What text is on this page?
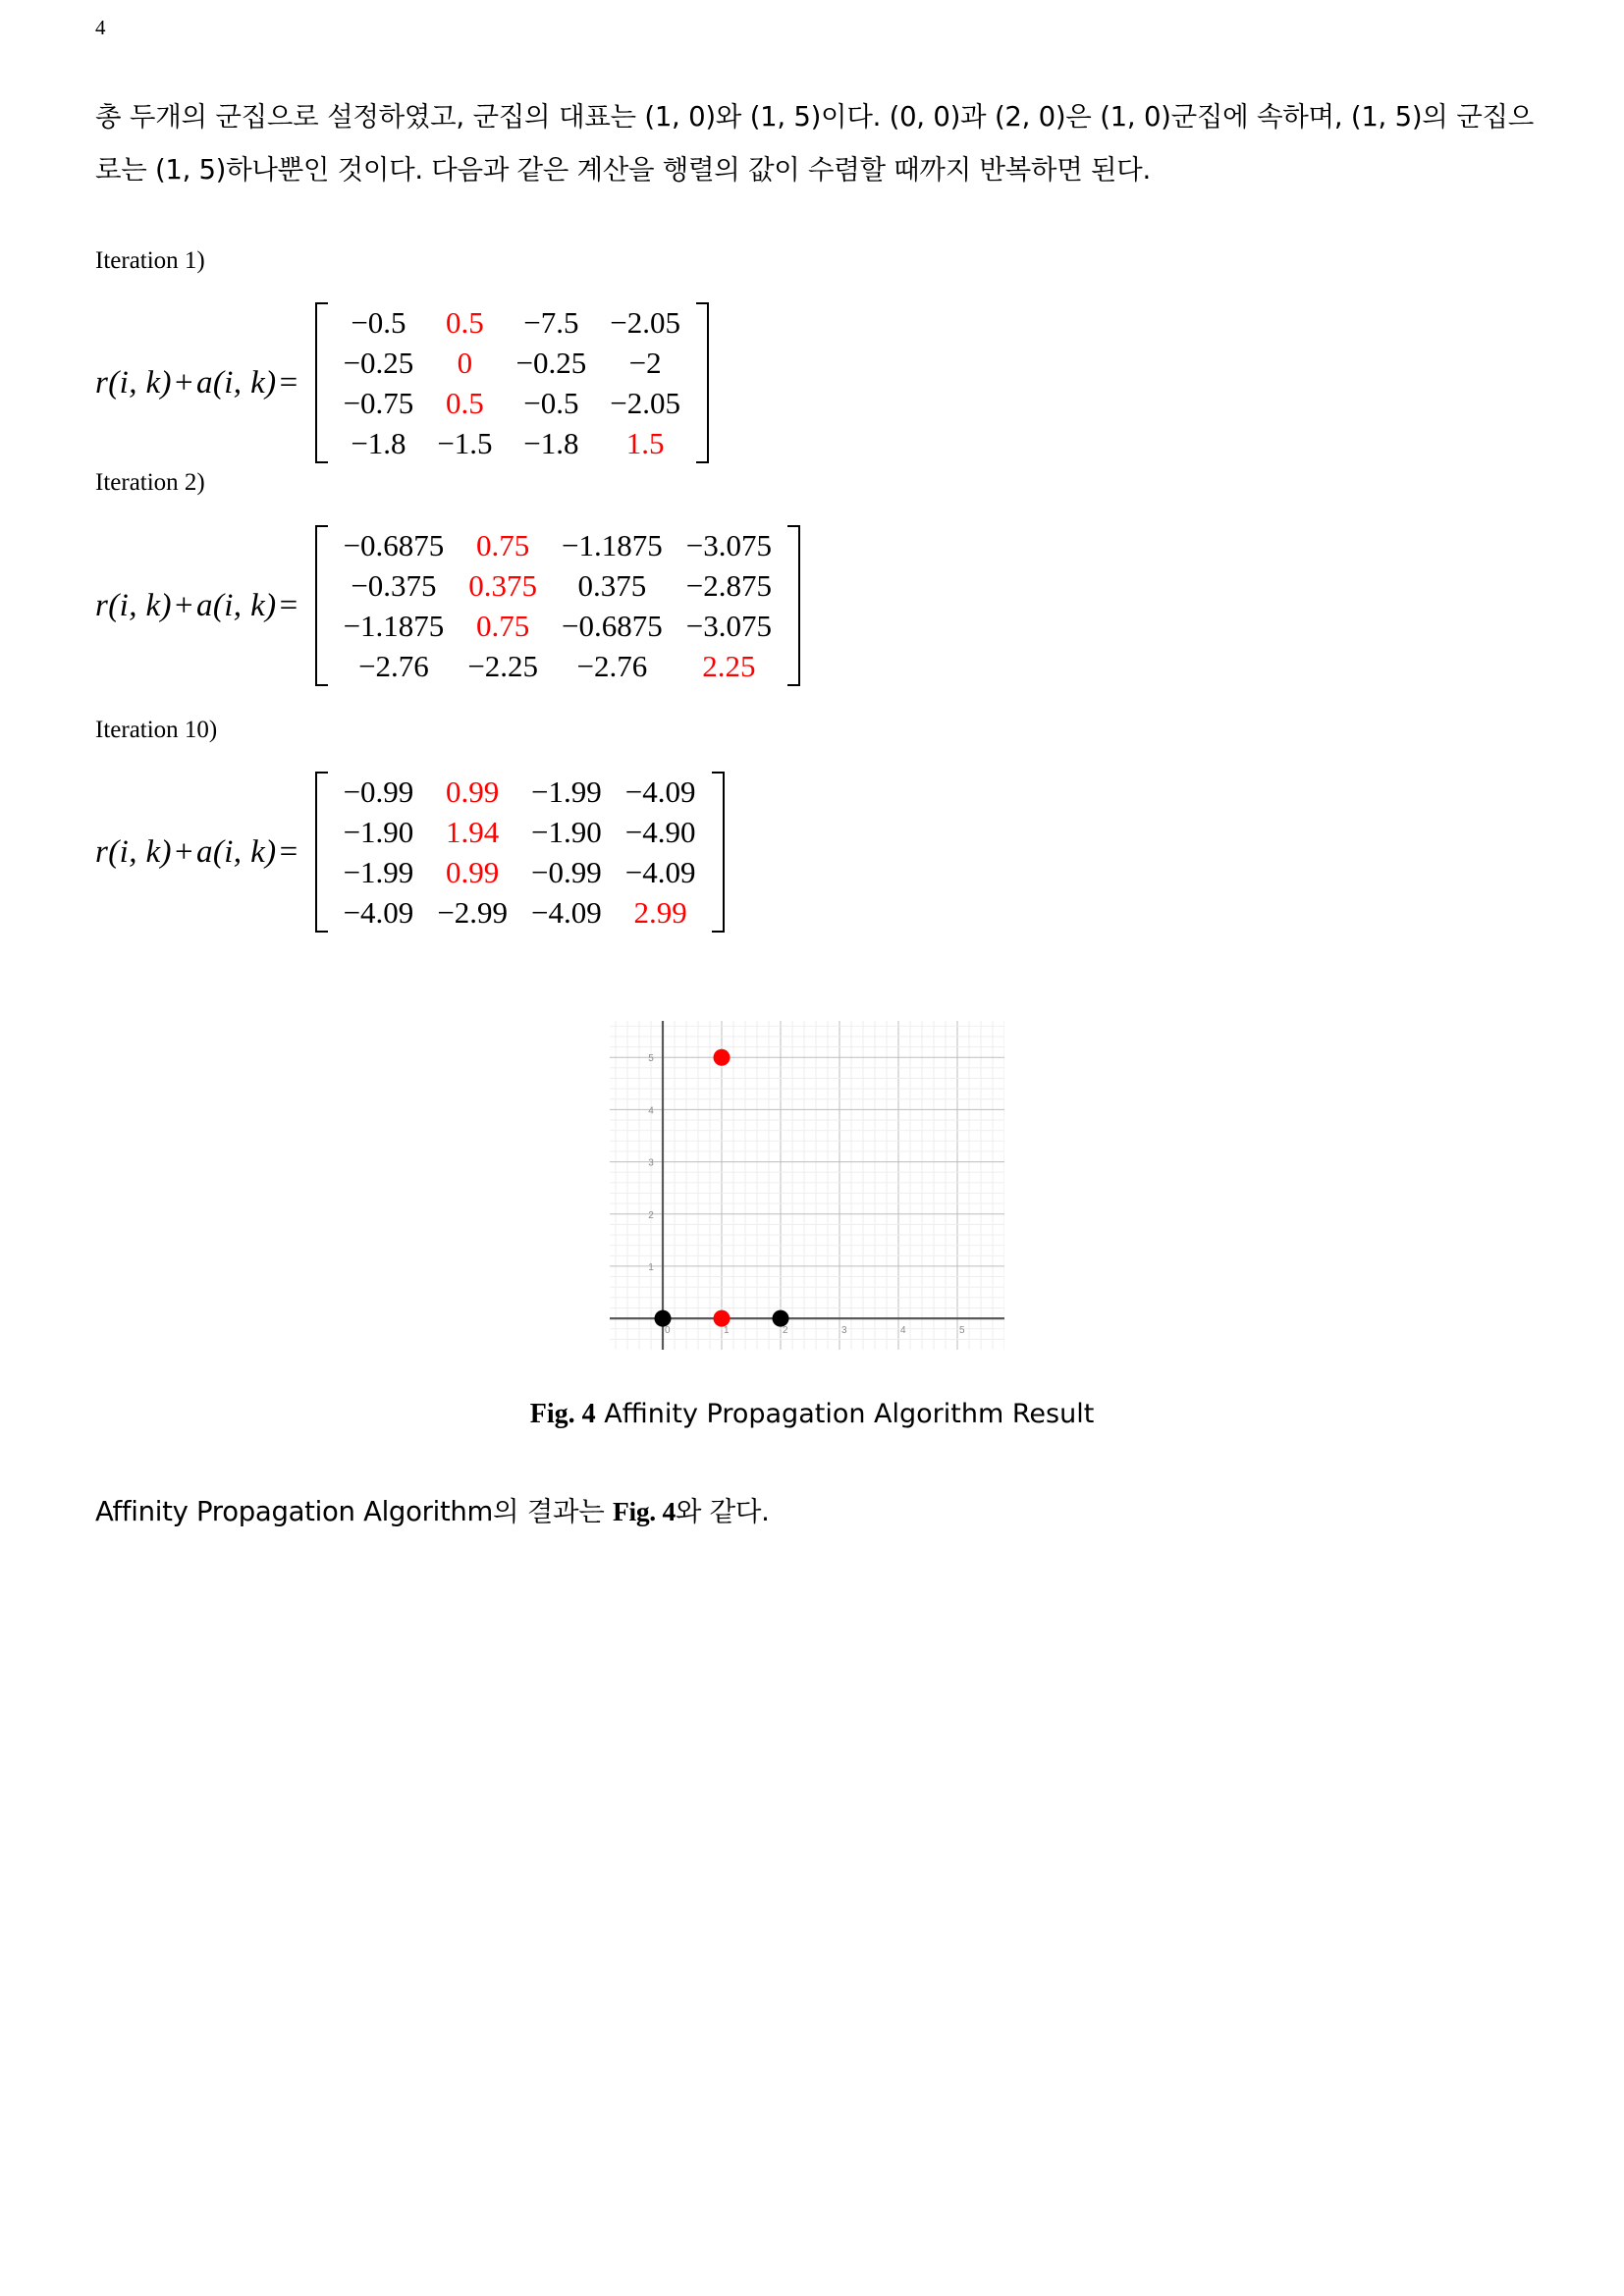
4
총 두개의 군집으로 설정하였고, 군집의 대표는 (1, 0)와 (1, 5)이다. (0, 0)과 (2, 0)은 (1, 0)군집에 속하며, (1, 5)의 군집으로는 (1, 5)하나뿐인 것이다. 다음과 같은 계산을 행렬의 값이 수렴할 때까지 반복하면 된다.
Iteration 1)
r(i, k)+a(i, k)=
−0.5	0.5	−7.5	−2.05
−0.25	0	−0.25	−2
−0.75	0.5	−0.5	−2.05
−1.8	−1.5	−1.8	1.5
Iteration 2)
r(i, k)+a(i, k)=
−0.6875	0.75	−1.1875 −3.075
−0.375	0.375	0.375	−2.875
−1.1875	0.75	−0.6875 −3.075
−2.76	−2.25	−2.76	2.25
Iteration 10)
r(i, k)+a(i, k)=
−0.99	0.99	−1.99 −4.09
−1.90	1.94	−1.90 −4.90
−1.99	0.99	−0.99 −4.09
−4.09 −2.99 −4.09	2.99
0	1	2	3	4	5
1
2
3
4
5
Fig. 4 Affinity Propagation Algorithm Result
Affinity Propagation Algorithm의 결과는 Fig. 4와 같다.
